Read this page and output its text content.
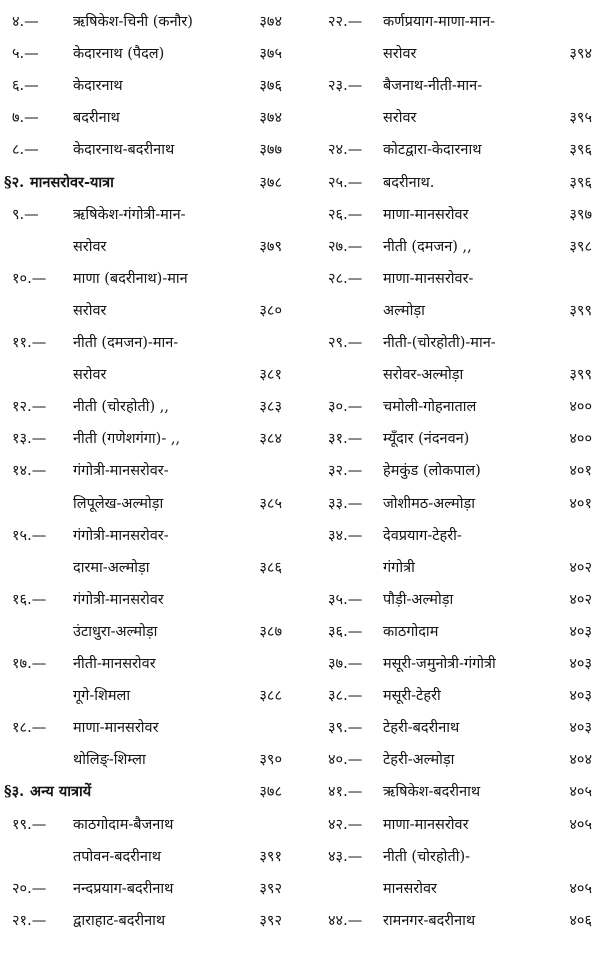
४.— ऋषिकेश-चिनी (कनौर)	३७४
५.— केदारनाथ (पैदल)	३७५
६.— केदारनाथ	३७६
७.— बदरीनाथ	३७४
८.— केदारनाथ-बदरीनाथ	३७७
§२. मानसरोवर-यात्रा	३७८
९.— ऋषिकेश-गंगोत्री-मान-
सरोवर	३७९
१०.— माणा (बदरीनाथ)-मान
सरोवर	३८०
११.— नीती (दमजन)-मान-
सरोवर	३८१
१२.— नीती (चोरहोती) ,,	३८३
१३.— नीती (गणेशगंगा)- ,,	३८४
१४.— गंगोत्री-मानसरोवर-
लिपूलेख-अल्मोड़ा	३८५
१५.— गंगोत्री-मानसरोवर-
दारमा-अल्मोड़ा	३८६
१६.— गंगोत्री-मानसरोवर
उंटाधुरा-अल्मोड़ा	३८७
१७.— नीती-मानसरोवर
गूगे-शिमला	३८८
१८.— माणा-मानसरोवर
थोलिङ्-शिम्ला	३९०
§३. अन्य यात्रायें	३७८
१९.— काठगोदाम-बैजनाथ
तपोवन-बदरीनाथ	३९१
२०.— नन्दप्रयाग-बदरीनाथ	३९२
२१.— द्वाराहाट-बदरीनाथ	३९२
२२.— कर्णप्रयाग-माणा-मान-
सरोवर	३९४
२३.— बैजनाथ-नीती-मान-
सरोवर	३९५
२४.— कोटद्वारा-केदारनाथ	३९६
२५.— बदरीनाथ.	३९६
२६.— माणा-मानसरोवर	३९७
२७.— नीती (दमजन) ,,	३९८
२८.— माणा-मानसरोवर-
अल्मोड़ा	३९९
२९.— नीती-(चोरहोती)-मान-
सरोवर-अल्मोड़ा	३९९
३०.— चमोली-गोहनाताल	४००
३१.— म्यूँदार (नंदनवन)	४००
३२.— हेमकुंड (लोकपाल)	४०१
३३.— जोशीमठ-अल्मोड़ा	४०१
३४.— देवप्रयाग-टेहरी-
गंगोत्री	४०२
३५.— पौड़ी-अल्मोड़ा	४०२
३६.— काठगोदाम	४०३
३७.— मसूरी-जमुनोत्री-गंगोत्री	४०३
३८.— मसूरी-टेहरी	४०३
३९.— टेहरी-बदरीनाथ	४०३
४०.— टेहरी-अल्मोड़ा	४०४
४१.— ऋषिकेश-बदरीनाथ	४०५
४२.— माणा-मानसरोवर	४०५
४३.— नीती (चोरहोती)-
मानसरोवर	४०५
४४.— रामनगर-बदरीनाथ	४०६
